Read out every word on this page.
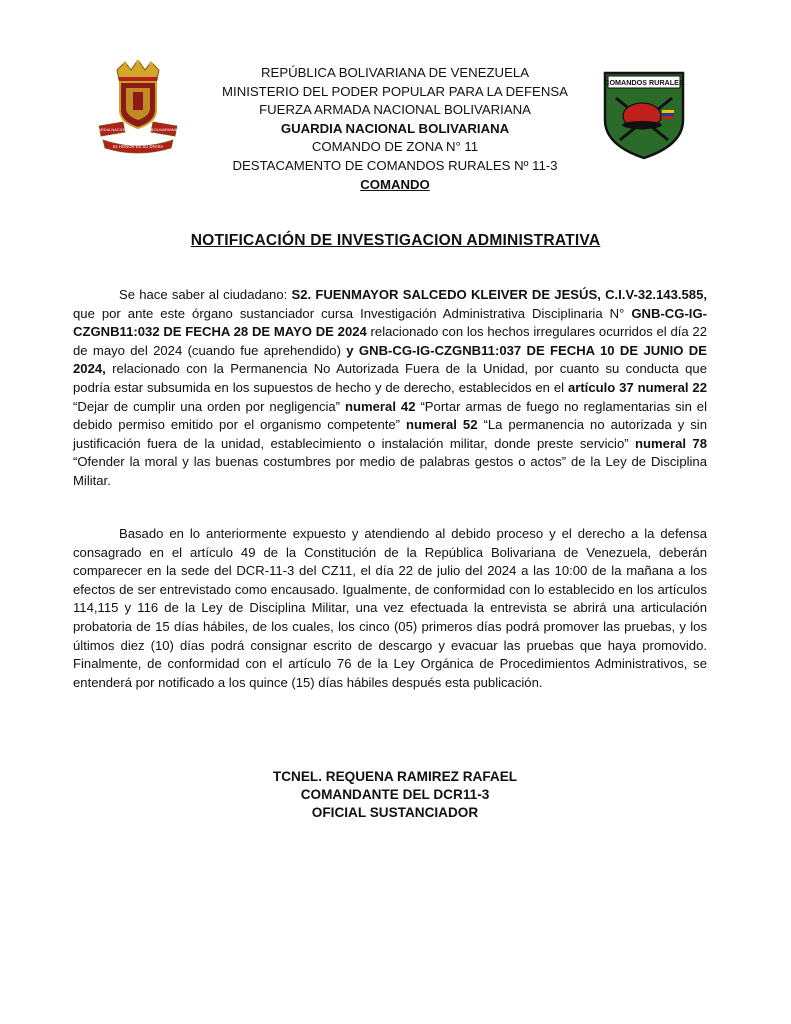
GUARDIA NACIONAL	BOLIVARIANA
EL HONOR ES SU DIVISA
COMANDOS RURALES
REPÚBLICA BOLIVARIANA DE VENEZUELA
MINISTERIO DEL PODER POPULAR PARA LA DEFENSA
FUERZA ARMADA NACIONAL BOLIVARIANA
GUARDIA NACIONAL BOLIVARIANA
COMANDO DE ZONA N° 11
DESTACAMENTO DE COMANDOS RURALES Nº 11-3
COMANDO
NOTIFICACIÓN DE INVESTIGACION ADMINISTRATIVA

Se hace saber al ciudadano: S2. FUENMAYOR SALCEDO KLEIVER DE JESÚS, C.I.V-32.143.585, que por ante este órgano sustanciador cursa Investigación Administrativa Disciplinaria N° GNB-CG-IG-CZGNB11:032 DE FECHA 28 DE MAYO DE 2024 relacionado con los hechos irregulares ocurridos el día 22 de mayo del 2024 (cuando fue aprehendido) y GNB-CG-IG-CZGNB11:037 DE FECHA 10 DE JUNIO DE 2024, relacionado con la Permanencia No Autorizada Fuera de la Unidad, por cuanto su conducta que podría estar subsumida en los supuestos de hecho y de derecho, establecidos en el artículo 37 numeral 22 “Dejar de cumplir una orden por negligencia” numeral 42 “Portar armas de fuego no reglamentarias sin el debido permiso emitido por el organismo competente” numeral 52 “La permanencia no autorizada y sin justificación fuera de la unidad, establecimiento o instalación militar, donde preste servicio” numeral 78 “Ofender la moral y las buenas costumbres por medio de palabras gestos o actos” de la Ley de Disciplina Militar.

Basado en lo anteriormente expuesto y atendiendo al debido proceso y el derecho a la defensa consagrado en el artículo 49 de la Constitución de la República Bolivariana de Venezuela, deberán comparecer en la sede del DCR-11-3 del CZ11, el día 22 de julio del 2024 a las 10:00 de la mañana a los efectos de ser entrevistado como encausado. Igualmente, de conformidad con lo establecido en los artículos 114,115 y 116 de la Ley de Disciplina Militar, una vez efectuada la entrevista se abrirá una articulación probatoria de 15 días hábiles, de los cuales, los cinco (05) primeros días podrá promover las pruebas, y los últimos diez (10) días podrá consignar escrito de descargo y evacuar las pruebas que haya promovido. Finalmente, de conformidad con el artículo 76 de la Ley Orgánica de Procedimientos Administrativos, se entenderá por notificado a los quince (15) días hábiles después esta publicación.

TCNEL. REQUENA RAMIREZ RAFAEL
COMANDANTE DEL DCR11-3
OFICIAL SUSTANCIADOR
